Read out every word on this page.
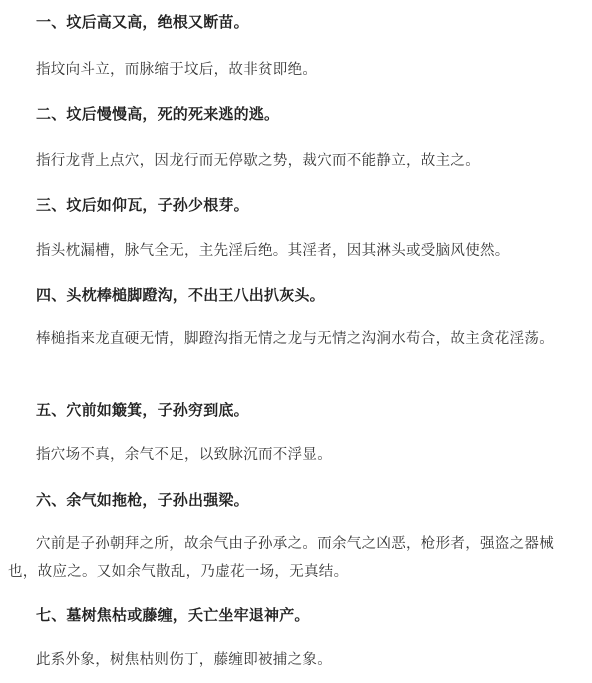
一、坟后高又高，绝根又断苗。
指坟向斗立，而脉缩于坟后，故非贫即绝。
二、坟后慢慢高，死的死来逃的逃。
指行龙背上点穴，因龙行而无停歇之势，裁穴而不能静立，故主之。
三、坟后如仰瓦，子孙少根芽。
指头枕漏槽，脉气全无，主先淫后绝。其淫者，因其淋头或受脑风使然。
四、头枕棒槌脚蹬沟，不出王八出扒灰头。
棒槌指来龙直硬无情，脚蹬沟指无情之龙与无情之沟涧水苟合，故主贪花淫荡。
五、穴前如簸箕，子孙穷到底。
指穴场不真，余气不足，以致脉沉而不浮显。
六、余气如拖枪，子孙出强梁。
穴前是子孙朝拜之所，故余气由子孙承之。而余气之凶恶，枪形者，强盗之器械也，故应之。又如余气散乱，乃虚花一场，无真结。
七、墓树焦枯或藤缠，夭亡坐牢退神产。
此系外象，树焦枯则伤丁，藤缠即被捕之象。
